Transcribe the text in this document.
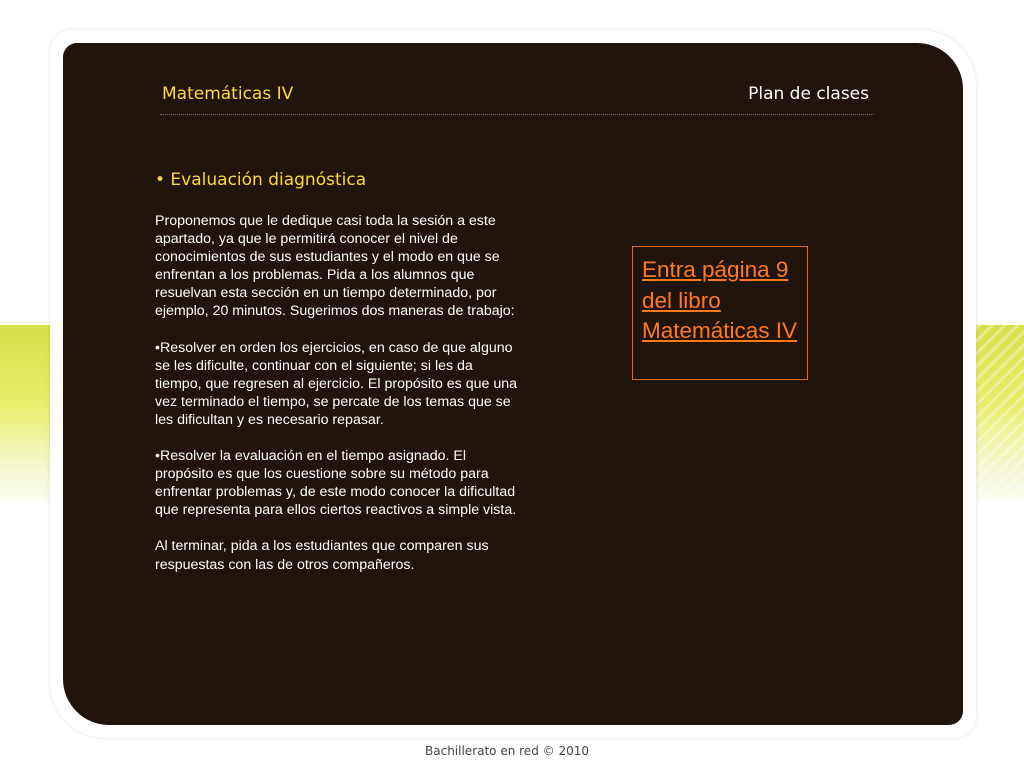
Matemáticas IV	Plan de clases
• Evaluación diagnóstica

Proponemos que le dedique casi toda la sesión a este apartado, ya que le permitirá conocer el nivel de conocimientos de sus estudiantes y el modo en que se enfrentan a los problemas. Pida a los alumnos que resuelvan esta sección en un tiempo determinado, por ejemplo, 20 minutos. Sugerimos dos maneras de trabajo:

•Resolver en orden los ejercicios, en caso de que alguno se les dificulte, continuar con el siguiente; si les da tiempo, que regresen al ejercicio. El propósito es que una vez terminado el tiempo, se percate de los temas que se les dificultan y es necesario repasar.

•Resolver la evaluación en el tiempo asignado. El propósito es que los cuestione sobre su método para enfrentar problemas y, de este modo conocer la dificultad que representa para ellos ciertos reactivos a simple vista.

Al terminar, pida a los estudiantes que comparen sus respuestas con las de otros compañeros.

Entra página 9 del libro Matemáticas IV
Bachillerato en red © 2010
